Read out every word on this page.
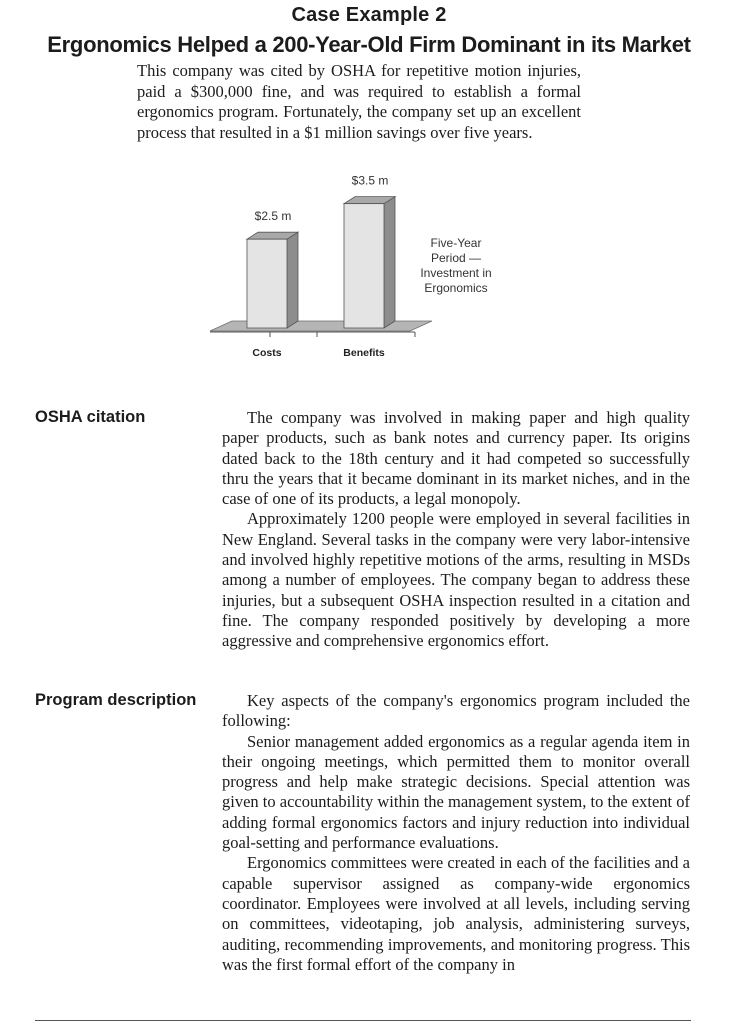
Case Example 2
Ergonomics Helped a 200-Year-Old Firm Dominant in its Market
This company was cited by OSHA for repetitive motion injuries, paid a $300,000 fine, and was required to establish a formal ergonomics program. Fortunately, the company set up an excellent process that resulted in a $1 million savings over five years.
$2.5 m
$3.5 m
Costs	Benefits
Five-Year
Period —
Investment in
Ergonomics
OSHA citation	The company was involved in making paper and high quality paper products, such as bank notes and currency paper. Its origins dated back to the 18th century and it had competed so successfully thru the years that it became dominant in its market niches, and in the case of one of its products, a legal monopoly.

Approximately 1200 people were employed in several facilities in New England. Several tasks in the company were very labor-intensive and involved highly repetitive motions of the arms, resulting in MSDs among a number of employees. The company began to address these injuries, but a subsequent OSHA inspection resulted in a citation and fine. The company responded positively by developing a more aggressive and comprehensive ergonomics effort.

Program description	Key aspects of the company's ergonomics program included the following:

Senior management added ergonomics as a regular agenda item in their ongoing meetings, which permitted them to monitor overall progress and help make strategic decisions. Special attention was given to accountability within the management system, to the extent of adding formal ergonomics factors and injury reduction into individual goal-setting and performance evaluations.

Ergonomics committees were created in each of the facilities and a capable supervisor assigned as company-wide ergonomics coordinator. Employees were involved at all levels, including serving on committees, videotaping, job analysis, administering surveys, auditing, recommending improvements, and monitoring progress. This was the first formal effort of the company in
